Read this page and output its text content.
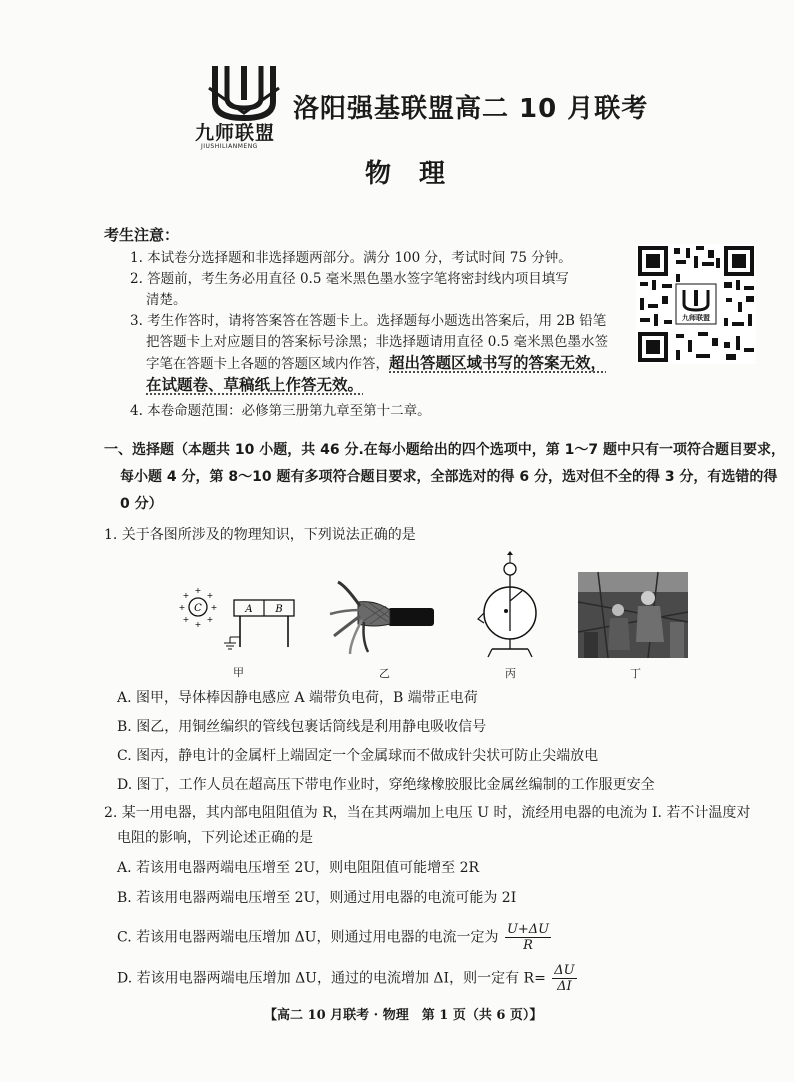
九师联盟
JIUSHILIANMENG
洛阳强基联盟高二 10 月联考
物理
考生注意：
1. 本试卷分选择题和非选择题两部分。满分 100 分，考试时间 75 分钟。
2. 答题前，考生务必用直径 0.5 毫米黑色墨水签字笔将密封线内项目填写
清楚。
3. 考生作答时，请将答案答在答题卡上。选择题每小题选出答案后，用 2B 铅笔
把答题卡上对应题目的答案标号涂黑；非选择题请用直径 0.5 毫米黑色墨水签
字笔在答题卡上各题的答题区域内作答，超出答题区域书写的答案无效，
在试题卷、草稿纸上作答无效。
4. 本卷命题范围：必修第三册第九章至第十二章。
九师联盟
一、选择题（本题共 10 小题，共 46 分.在每小题给出的四个选项中，第 1～7 题中只有一项符合题目要求，
每小题 4 分，第 8～10 题有多项符合题目要求，全部选对的得 6 分，选对但不全的得 3 分，有选错的得
0 分）
1. 关于各图所涉及的物理知识，下列说法正确的是
C
+
+
+	+
+ +
+ +
A B
甲	乙	丙	丁
A. 图甲，导体棒因静电感应 A 端带负电荷，B 端带正电荷
B. 图乙，用铜丝编织的管线包裹话筒线是利用静电吸收信号
C. 图丙，静电计的金属杆上端固定一个金属球而不做成针尖状可防止尖端放电
D. 图丁，工作人员在超高压下带电作业时，穿绝缘橡胶服比金属丝编制的工作服更安全
2. 某一用电器，其内部电阻阻值为 R，当在其两端加上电压 U 时，流经用电器的电流为 I. 若不计温度对
电阻的影响，下列论述正确的是
A. 若该用电器两端电压增至 2U，则电阻阻值可能增至 2R
B. 若该用电器两端电压增至 2U，则通过用电器的电流可能为 2I
C. 若该用电器两端电压增加 ΔU，则通过用电器的电流一定为 $\frac{U+\Delta U}{R}$
D. 若该用电器两端电压增加 ΔU，通过的电流增加 ΔI，则一定有 $R= \frac{\Delta U}{\Delta I}$
【高二 10 月联考 · 物理　第 1 页（共 6 页）】
